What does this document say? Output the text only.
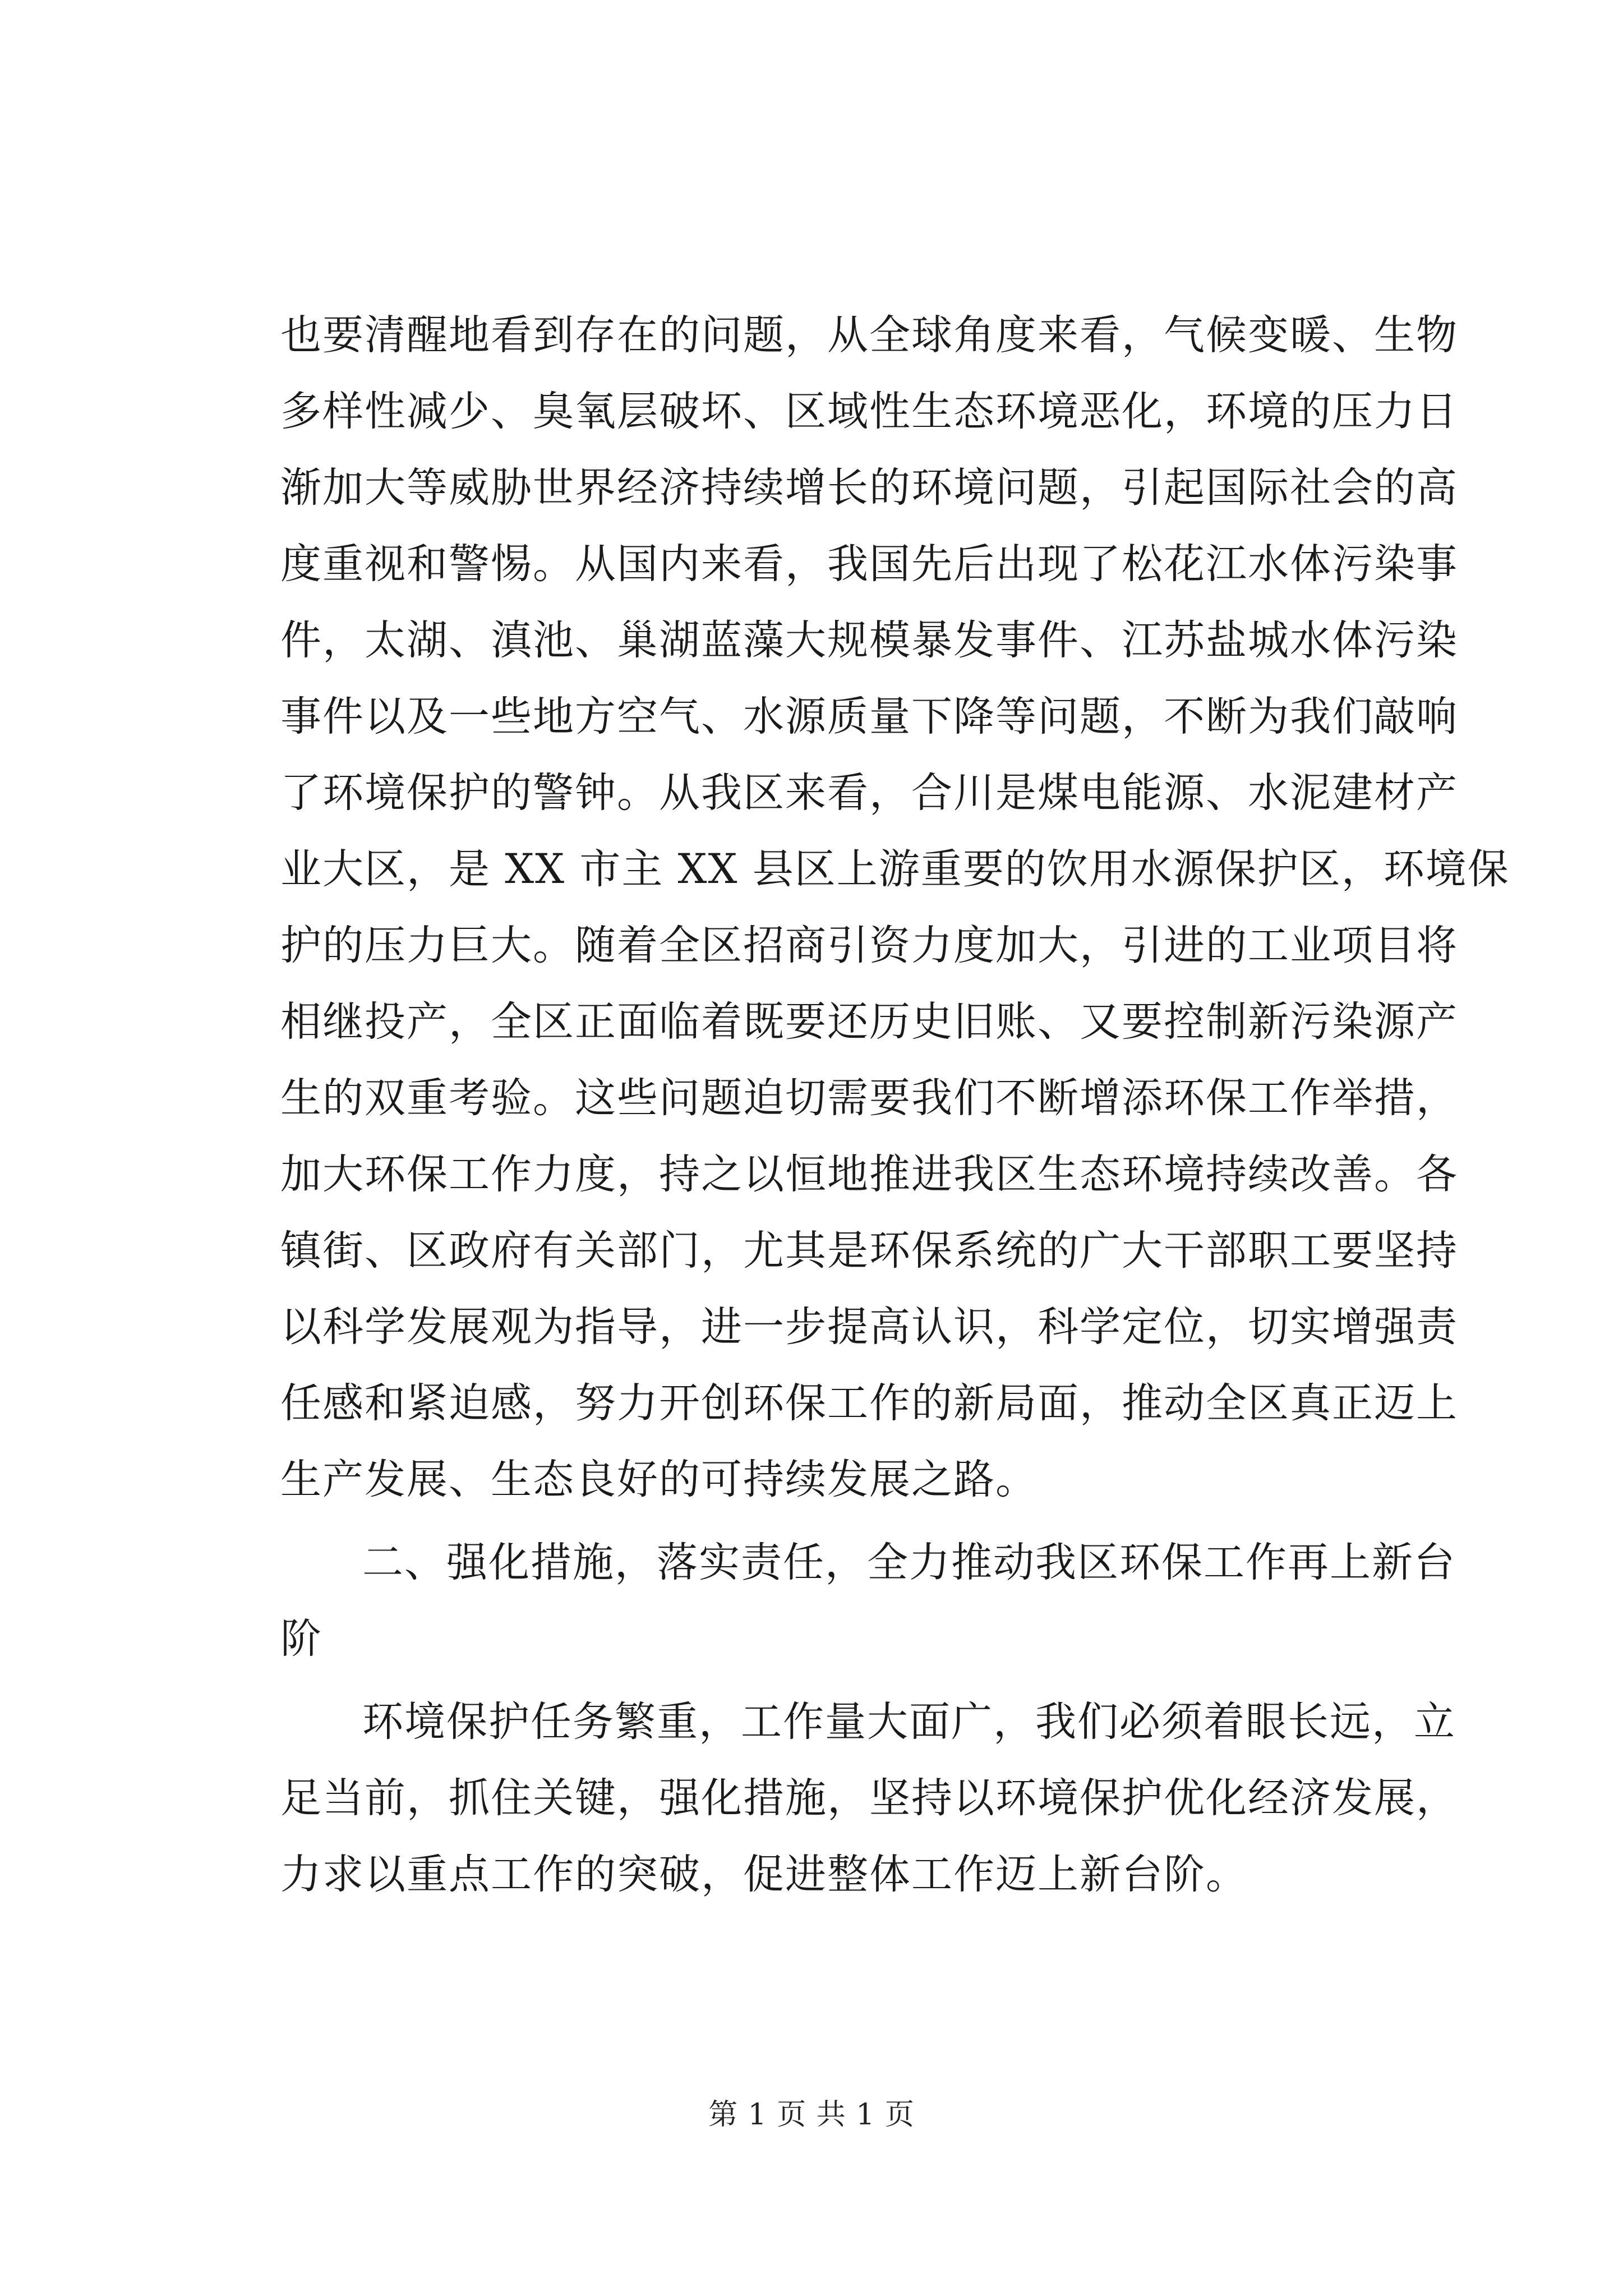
也要清醒地看到存在的问题，从全球角度来看，气候变暖、生物
多样性减少、臭氧层破坏、区域性生态环境恶化，环境的压力日
渐加大等威胁世界经济持续增长的环境问题，引起国际社会的高
度重视和警惕。从国内来看，我国先后出现了松花江水体污染事
件，太湖、滇池、巢湖蓝藻大规模暴发事件、江苏盐城水体污染
事件以及一些地方空气、水源质量下降等问题，不断为我们敲响
了环境保护的警钟。从我区来看，合川是煤电能源、水泥建材产
业大区，是 XX 市主 XX 县区上游重要的饮用水源保护区，环境保
护的压力巨大。随着全区招商引资力度加大，引进的工业项目将
相继投产，全区正面临着既要还历史旧账、又要控制新污染源产
生的双重考验。这些问题迫切需要我们不断增添环保工作举措，
加大环保工作力度，持之以恒地推进我区生态环境持续改善。各
镇街、区政府有关部门，尤其是环保系统的广大干部职工要坚持
以科学发展观为指导，进一步提高认识，科学定位，切实增强责
任感和紧迫感，努力开创环保工作的新局面，推动全区真正迈上
生产发展、生态良好的可持续发展之路。
二、强化措施，落实责任，全力推动我区环保工作再上新台
阶
环境保护任务繁重，工作量大面广，我们必须着眼长远，立
足当前，抓住关键，强化措施，坚持以环境保护优化经济发展，
力求以重点工作的突破，促进整体工作迈上新台阶。
第 1 页 共 1 页
